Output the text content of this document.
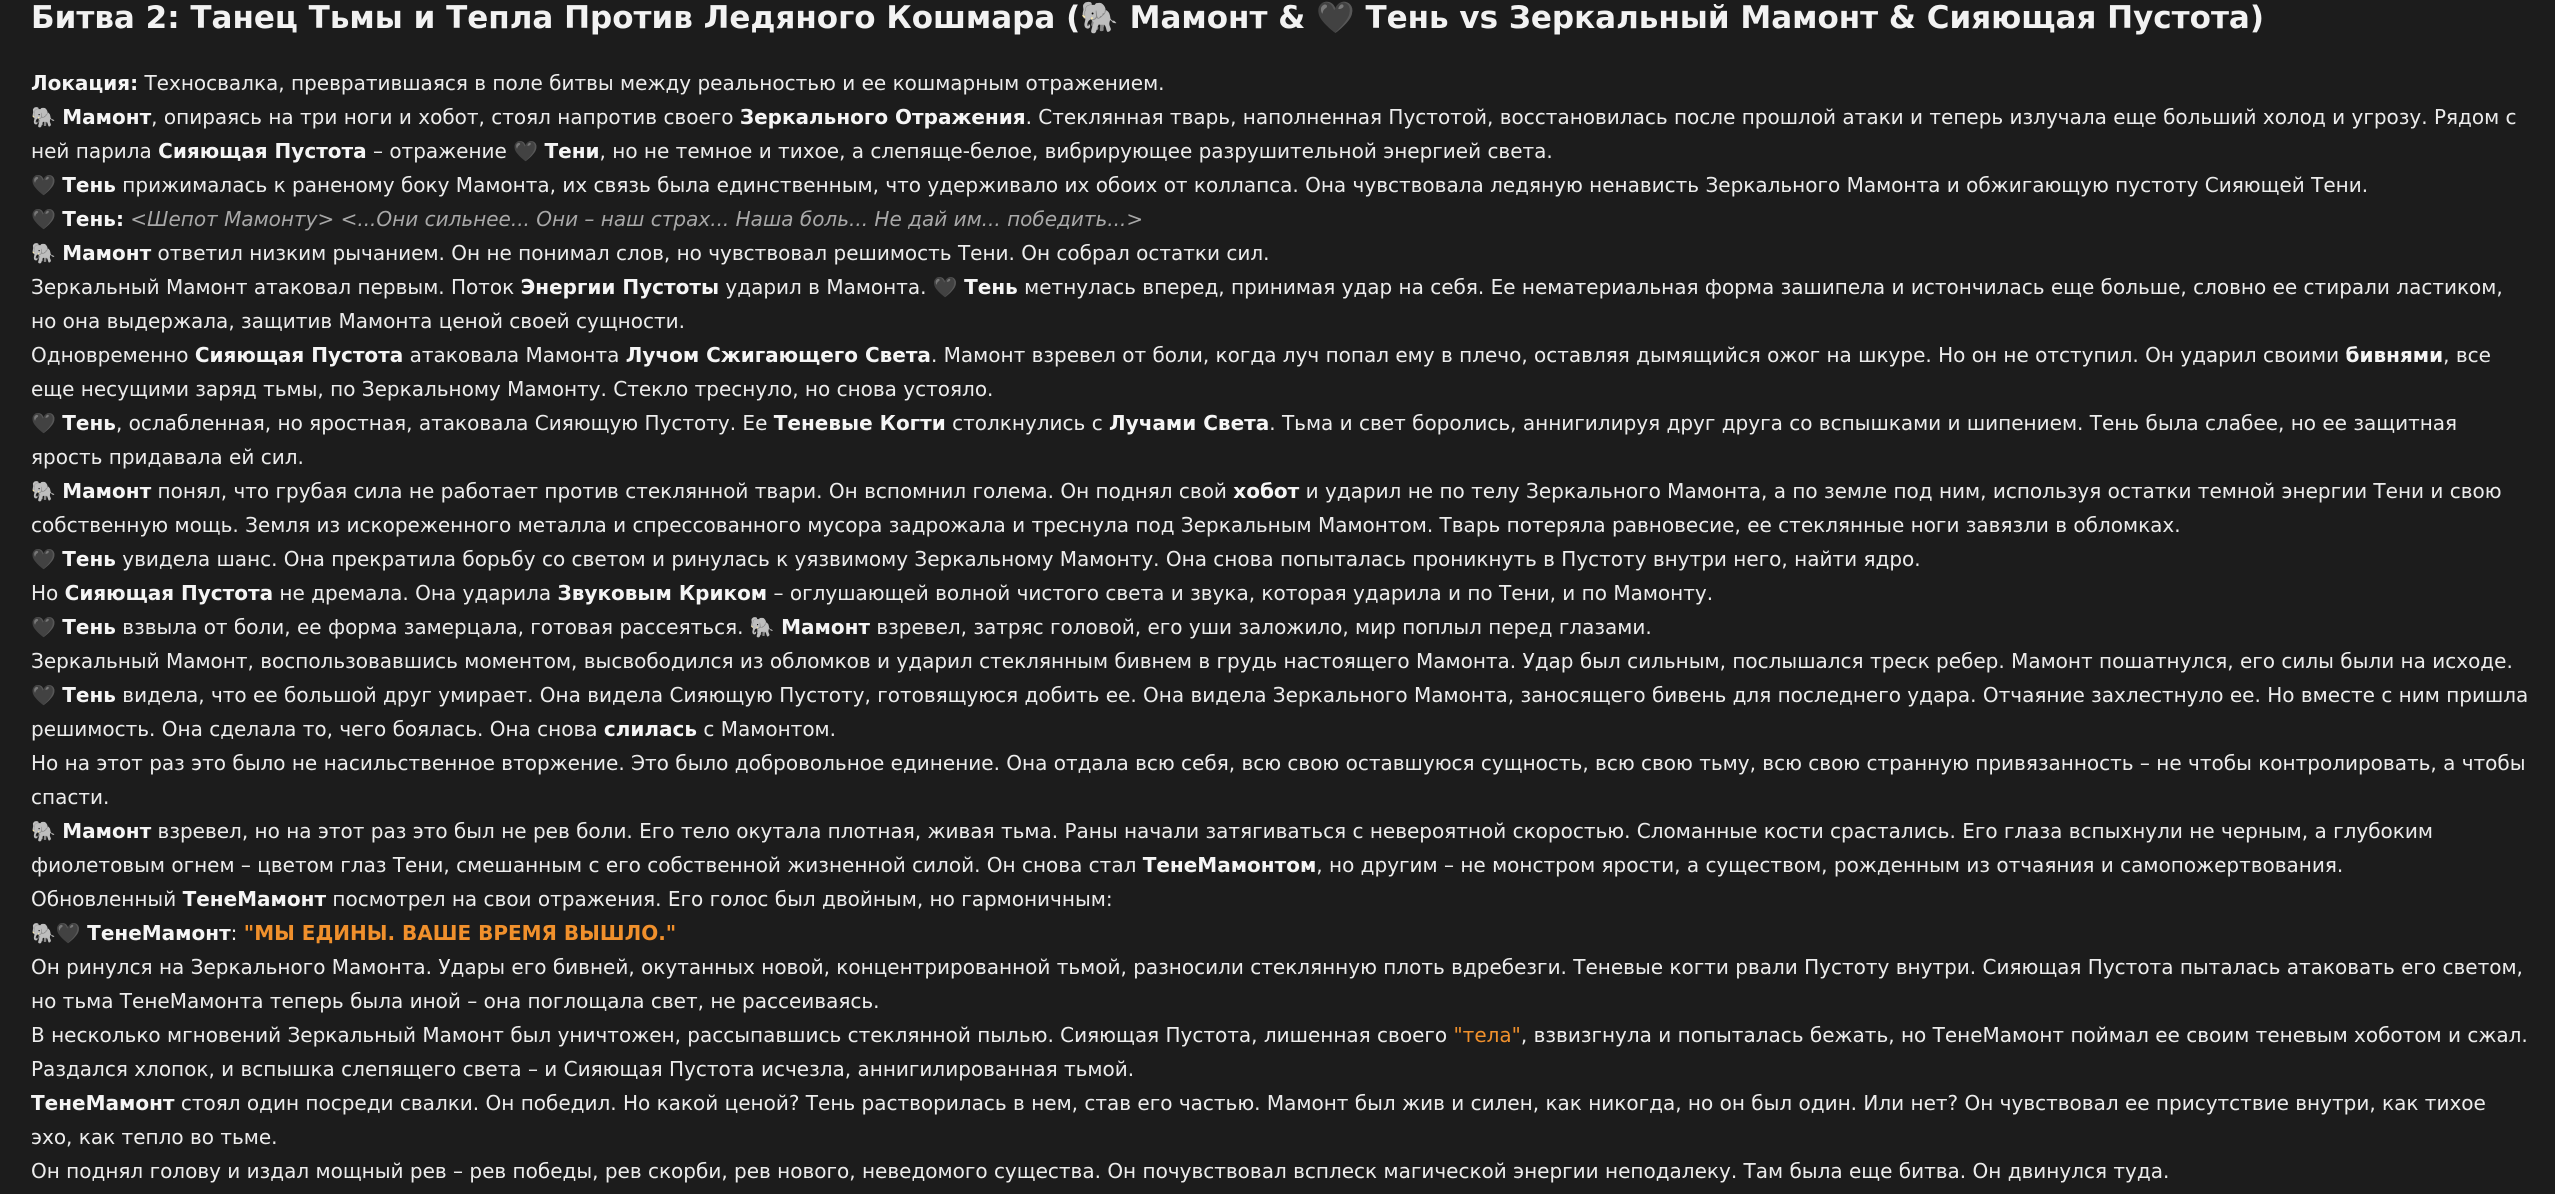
Битва 2: Танец Тьмы и Тепла Против Ледяного Кошмара (🐘 Мамонт & 🖤 Тень vs Зеркальный Мамонт & Сияющая Пустота)

Локация: Техносвалка, превратившаяся в поле битвы между реальностью и ее кошмарным отражением.

🐘 Мамонт, опираясь на три ноги и хобот, стоял напротив своего Зеркального Отражения. Стеклянная тварь, наполненная Пустотой, восстановилась после прошлой атаки и теперь излучала еще больший холод и угрозу. Рядом с ней парила Сияющая Пустота – отражение 🖤 Тени, но не темное и тихое, а слепяще-белое, вибрирующее разрушительной энергией света.

🖤 Тень прижималась к раненому боку Мамонта, их связь была единственным, что удерживало их обоих от коллапса. Она чувствовала ледяную ненависть Зеркального Мамонта и обжигающую пустоту Сияющей Тени.

🖤 Тень: <Шепот Мамонту> <...Они сильнее... Они – наш страх... Наша боль... Не дай им... победить...>

🐘 Мамонт ответил низким рычанием. Он не понимал слов, но чувствовал решимость Тени. Он собрал остатки сил.

Зеркальный Мамонт атаковал первым. Поток Энергии Пустоты ударил в Мамонта. 🖤 Тень метнулась вперед, принимая удар на себя. Ее нематериальная форма зашипела и истончилась еще больше, словно ее стирали ластиком, но она выдержала, защитив Мамонта ценой своей сущности.

Одновременно Сияющая Пустота атаковала Мамонта Лучом Сжигающего Света. Мамонт взревел от боли, когда луч попал ему в плечо, оставляя дымящийся ожог на шкуре. Но он не отступил. Он ударил своими бивнями, все еще несущими заряд тьмы, по Зеркальному Мамонту. Стекло треснуло, но снова устояло.

🖤 Тень, ослабленная, но яростная, атаковала Сияющую Пустоту. Ее Теневые Когти столкнулись с Лучами Света. Тьма и свет боролись, аннигилируя друг друга со вспышками и шипением. Тень была слабее, но ее защитная ярость придавала ей сил.

🐘 Мамонт понял, что грубая сила не работает против стеклянной твари. Он вспомнил голема. Он поднял свой хобот и ударил не по телу Зеркального Мамонта, а по земле под ним, используя остатки темной энергии Тени и свою собственную мощь. Земля из искореженного металла и спрессованного мусора задрожала и треснула под Зеркальным Мамонтом. Тварь потеряла равновесие, ее стеклянные ноги завязли в обломках.

🖤 Тень увидела шанс. Она прекратила борьбу со светом и ринулась к уязвимому Зеркальному Мамонту. Она снова попыталась проникнуть в Пустоту внутри него, найти ядро.

Но Сияющая Пустота не дремала. Она ударила Звуковым Криком – оглушающей волной чистого света и звука, которая ударила и по Тени, и по Мамонту.

🖤 Тень взвыла от боли, ее форма замерцала, готовая рассеяться. 🐘 Мамонт взревел, затряс головой, его уши заложило, мир поплыл перед глазами.

Зеркальный Мамонт, воспользовавшись моментом, высвободился из обломков и ударил стеклянным бивнем в грудь настоящего Мамонта. Удар был сильным, послышался треск ребер. Мамонт пошатнулся, его силы были на исходе.

🖤 Тень видела, что ее большой друг умирает. Она видела Сияющую Пустоту, готовящуюся добить ее. Она видела Зеркального Мамонта, заносящего бивень для последнего удара. Отчаяние захлестнуло ее. Но вместе с ним пришла решимость. Она сделала то, чего боялась. Она снова слилась с Мамонтом.

Но на этот раз это было не насильственное вторжение. Это было добровольное единение. Она отдала всю себя, всю свою оставшуюся сущность, всю свою тьму, всю свою странную привязанность – не чтобы контролировать, а чтобы спасти.

🐘 Мамонт взревел, но на этот раз это был не рев боли. Его тело окутала плотная, живая тьма. Раны начали затягиваться с невероятной скоростью. Сломанные кости срастались. Его глаза вспыхнули не черным, а глубоким фиолетовым огнем – цветом глаз Тени, смешанным с его собственной жизненной силой. Он снова стал ТенеМамонтом, но другим – не монстром ярости, а существом, рожденным из отчаяния и самопожертвования.

Обновленный ТенеМамонт посмотрел на свои отражения. Его голос был двойным, но гармоничным:

🐘🖤 ТенеМамонт: "МЫ ЕДИНЫ. ВАШЕ ВРЕМЯ ВЫШЛО."

Он ринулся на Зеркального Мамонта. Удары его бивней, окутанных новой, концентрированной тьмой, разносили стеклянную плоть вдребезги. Теневые когти рвали Пустоту внутри. Сияющая Пустота пыталась атаковать его светом, но тьма ТенеМамонта теперь была иной – она поглощала свет, не рассеиваясь.

В несколько мгновений Зеркальный Мамонт был уничтожен, рассыпавшись стеклянной пылью. Сияющая Пустота, лишенная своего "тела", взвизгнула и попыталась бежать, но ТенеМамонт поймал ее своим теневым хоботом и сжал. Раздался хлопок, и вспышка слепящего света – и Сияющая Пустота исчезла, аннигилированная тьмой.

ТенеМамонт стоял один посреди свалки. Он победил. Но какой ценой? Тень растворилась в нем, став его частью. Мамонт был жив и силен, как никогда, но он был один. Или нет? Он чувствовал ее присутствие внутри, как тихое эхо, как тепло во тьме.

Он поднял голову и издал мощный рев – рев победы, рев скорби, рев нового, неведомого существа. Он почувствовал всплеск магической энергии неподалеку. Там была еще битва. Он двинулся туда.
